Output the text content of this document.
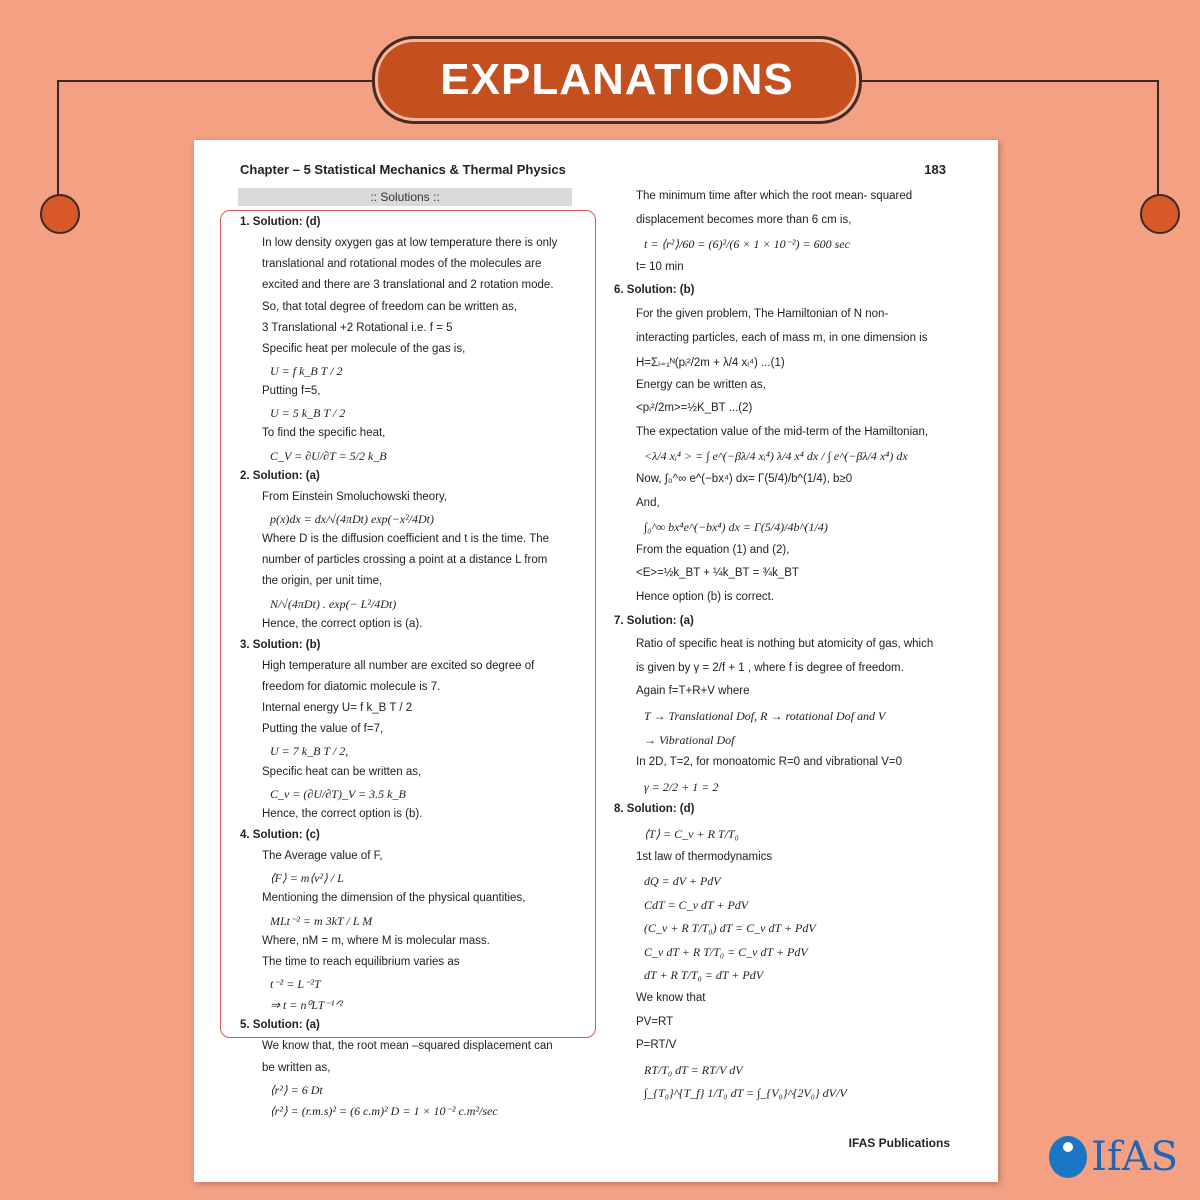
EXPLANATIONS
Chapter – 5 Statistical Mechanics & Thermal Physics	183
:: Solutions ::
1. Solution: (d)
In low density oxygen gas at low temperature there is only
translational and rotational modes of the molecules are
excited and there are 3 translational and 2 rotation mode.
So, that total degree of freedom can be written as,
3 Translational +2 Rotational i.e. f = 5
Specific heat per molecule of the gas is,
U = f k_B T / 2
Putting f=5,
U = 5 k_B T / 2
To find the specific heat,
C_V = ∂U/∂T = 5/2 k_B
2. Solution: (a)
From Einstein Smoluchowski theory,
p(x)dx = dx/√(4πDt) exp(−x²/4Dt)
Where D is the diffusion coefficient and t is the time. The
number of particles crossing a point at a distance L from
the origin, per unit time,
N/√(4πDt) . exp(− L²/4Dt)
Hence, the correct option is (a).
3. Solution: (b)
High temperature all number are excited so degree of
freedom for diatomic molecule is 7.
Internal energy U= f k_B T / 2
Putting the value of f=7,
U = 7 k_B T / 2,
Specific heat can be written as,
C_v = (∂U/∂T)_V = 3.5 k_B
Hence, the correct option is (b).
4. Solution: (c)
The Average value of F,
⟨F⟩ = m⟨v²⟩ / L
Mentioning the dimension of the physical quantities,
MLt⁻² = m 3kT / L M
Where, nM = m, where M is molecular mass.
The time to reach equilibrium varies as
t⁻² = L⁻²T
⇒ t = n⁰LT⁻¹ᐟ²
5. Solution: (a)
We know that, the root mean –squared displacement can
be written as,
⟨r²⟩ = 6 Dt
⟨r²⟩ = (r.m.s)² = (6 c.m)² D = 1 × 10⁻² c.m²/sec
The minimum time after which the root mean- squared
displacement becomes more than 6 cm is,
t = ⟨r²⟩/60 = (6)²/(6 × 1 × 10⁻²) = 600 sec
t= 10 min
6. Solution: (b)
For the given problem, The Hamiltonian of N non-
interacting particles, each of mass m, in one dimension is
H=Σᵢ₌₁ᴺ(pᵢ²/2m + λ/4 xᵢ⁴) ...(1)
Energy can be written as,
<pᵢ²/2m>=½K_BT ...(2)
The expectation value of the mid-term of the Hamiltonian,
<λ/4 xᵢ⁴ > = ∫ e^(−βλ/4 xᵢ⁴) λ/4 x⁴ dx / ∫ e^(−βλ/4 x⁴) dx
Now, ∫₀^∞ e^(−bx⁴) dx= Γ(5/4)/b^(1/4), b≥0
And,
∫₀^∞ bx⁴e^(−bx⁴) dx = Γ(5/4)/4b^(1/4)
From the equation (1) and (2),
<E>=½k_BT + ¼k_BT = ¾k_BT
Hence option (b) is correct.
7. Solution: (a)
Ratio of specific heat is nothing but atomicity of gas, which
is given by γ = 2/f + 1 , where f is degree of freedom.
Again f=T+R+V where
T → Translational Dof, R → rotational Dof and V
→ Vibrational Dof
In 2D, T=2, for monoatomic R=0 and vibrational V=0
γ = 2/2 + 1 = 2
8. Solution: (d)
⟨T⟩ = C_v + R T/T₀
1st law of thermodynamics
dQ = dV + PdV
CdT = C_v dT + PdV
(C_v + R T/T₀) dT = C_v dT + PdV
C_v dT + R T/T₀ = C_v dT + PdV
dT + R T/T₀ = dT + PdV
We know that
PV=RT
P=RT/V
RT/T₀ dT = RT/V dV
∫_{T₀}^{T_f} 1/T₀ dT = ∫_{V₀}^{2V₀} dV/V
IFAS Publications	IfAS
